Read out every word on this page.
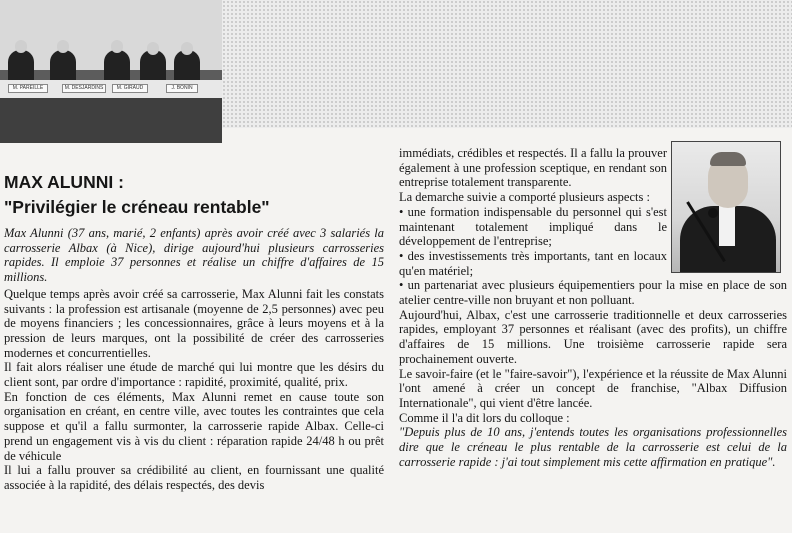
M. PAREILLE	M. DESJARDINS	M. GIRAUD	J. BONIN
MAX ALUNNI :
"Privilégier le créneau rentable"

Max Alunni (37 ans, marié, 2 enfants) après avoir créé avec 3 salariés la carrosserie Albax (à Nice), dirige aujourd'hui plusieurs carrosseries rapides. Il emploie 37 personnes et réalise un chiffre d'affaires de 15 millions.

Quelque temps après avoir créé sa carrosserie, Max Alunni fait les constats suivants : la profession est artisanale (moyenne de 2,5 personnes) avec peu de moyens financiers ; les concessionnaires, grâce à leurs moyens et à la pression de leurs marques, ont la possibilité de créer des carrosseries modernes et concurrentielles.

Il fait alors réaliser une étude de marché qui lui montre que les désirs du client sont, par ordre d'importance : rapidité, proximité, qualité, prix.

En fonction de ces éléments, Max Alunni remet en cause toute son organisation en créant, en centre ville, avec toutes les contraintes que cela suppose et qu'il a fallu surmonter, la carrosserie rapide Albax. Celle-ci prend un engagement vis à vis du client : réparation rapide 24/48 h ou prêt de véhicule

Il lui a fallu prouver sa crédibilité au client, en fournissant une qualité associée à la rapidité, des délais respectés, des devis

immédiats, crédibles et respectés. Il a fallu la prouver également à une profession sceptique, en rendant son entreprise totalement transparente.

La demarche suivie a comporté plusieurs aspects :

• une formation indispensable du personnel qui s'est maintenant totalement impliqué dans le développement de l'entreprise;

• des investissements très importants, tant en locaux qu'en matériel;

• un partenariat avec plusieurs équipementiers pour la mise en place de son atelier centre-ville non bruyant et non polluant.

Aujourd'hui, Albax, c'est une carrosserie traditionnelle et deux carrosseries rapides, employant 37 personnes et réalisant (avec des profits), un chiffre d'affaires de 15 millions. Une troisième carrosserie rapide sera prochainement ouverte.

Le savoir-faire (et le "faire-savoir"), l'expérience et la réussite de Max Alunni l'ont amené à créer un concept de franchise, "Albax Diffusion Internationale", qui vient d'être lancée.

Comme il l'a dit lors du colloque :

"Depuis plus de 10 ans, j'entends toutes les organisations professionnelles dire que le créneau le plus rentable de la carrosserie est celui de la carrosserie rapide : j'ai tout simplement mis cette affirmation en pratique".
